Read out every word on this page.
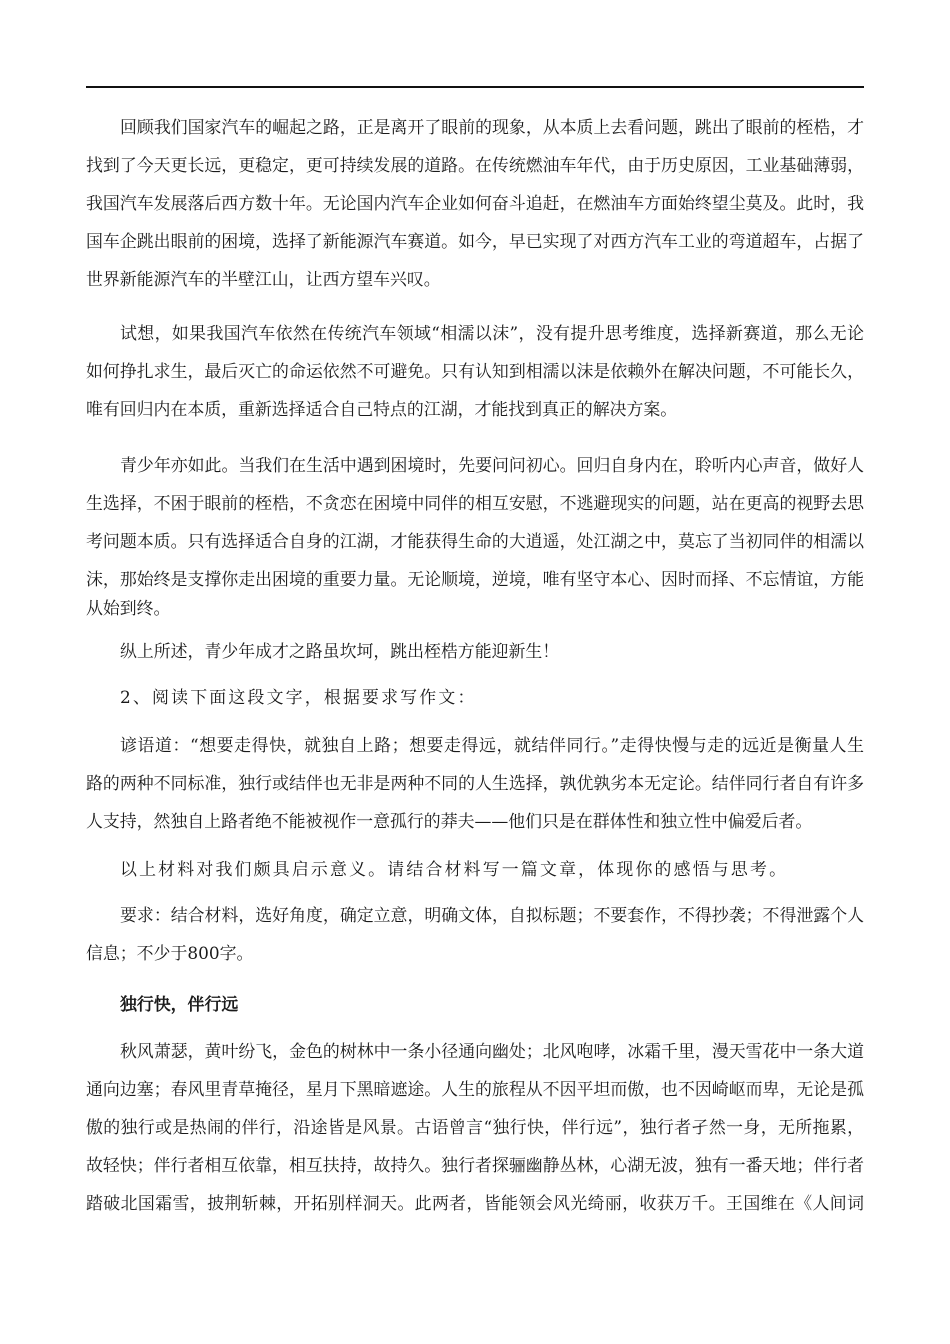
回顾我们国家汽车的崛起之路，正是离开了眼前的现象，从本质上去看问题，跳出了眼前的桎梏，才
找到了今天更长远，更稳定，更可持续发展的道路。在传统燃油车年代，由于历史原因，工业基础薄弱，
我国汽车发展落后西方数十年。无论国内汽车企业如何奋斗追赶，在燃油车方面始终望尘莫及。此时，我
国车企跳出眼前的困境，选择了新能源汽车赛道。如今，早已实现了对西方汽车工业的弯道超车，占据了
世界新能源汽车的半壁江山，让西方望车兴叹。
试想，如果我国汽车依然在传统汽车领域“相濡以沫”，没有提升思考维度，选择新赛道，那么无论
如何挣扎求生，最后灭亡的命运依然不可避免。只有认知到相濡以沫是依赖外在解决问题，不可能长久，
唯有回归内在本质，重新选择适合自己特点的江湖，才能找到真正的解决方案。
青少年亦如此。当我们在生活中遇到困境时，先要问问初心。回归自身内在，聆听内心声音，做好人
生选择，不困于眼前的桎梏，不贪恋在困境中同伴的相互安慰，不逃避现实的问题，站在更高的视野去思
考问题本质。只有选择适合自身的江湖，才能获得生命的大逍遥，处江湖之中，莫忘了当初同伴的相濡以
沫，那始终是支撑你走出困境的重要力量。无论顺境，逆境，唯有坚守本心、因时而择、不忘情谊，方能
从始到终。
纵上所述，青少年成才之路虽坎坷，跳出桎梏方能迎新生！
2、阅读下面这段文字，根据要求写作文：
谚语道：“想要走得快，就独自上路；想要走得远，就结伴同行。”走得快慢与走的远近是衡量人生
路的两种不同标准，独行或结伴也无非是两种不同的人生选择，孰优孰劣本无定论。结伴同行者自有许多
人支持，然独自上路者绝不能被视作一意孤行的莽夫——他们只是在群体性和独立性中偏爱后者。
以上材料对我们颇具启示意义。请结合材料写一篇文章，体现你的感悟与思考。
要求：结合材料，选好角度，确定立意，明确文体，自拟标题；不要套作，不得抄袭；不得泄露个人
信息；不少于800字。
独行快，伴行远
秋风萧瑟，黄叶纷飞，金色的树林中一条小径通向幽处；北风咆哮，冰霜千里，漫天雪花中一条大道
通向边塞；春风里青草掩径，星月下黑暗遮途。人生的旅程从不因平坦而傲，也不因崎岖而卑，无论是孤
傲的独行或是热闹的伴行，沿途皆是风景。古语曾言“独行快，伴行远”，独行者孑然一身，无所拖累，
故轻快；伴行者相互依靠，相互扶持，故持久。独行者探骊幽静丛林，心湖无波，独有一番天地；伴行者
踏破北国霜雪，披荆斩棘，开拓别样洞天。此两者，皆能领会风光绮丽，收获万千。王国维在《人间词
